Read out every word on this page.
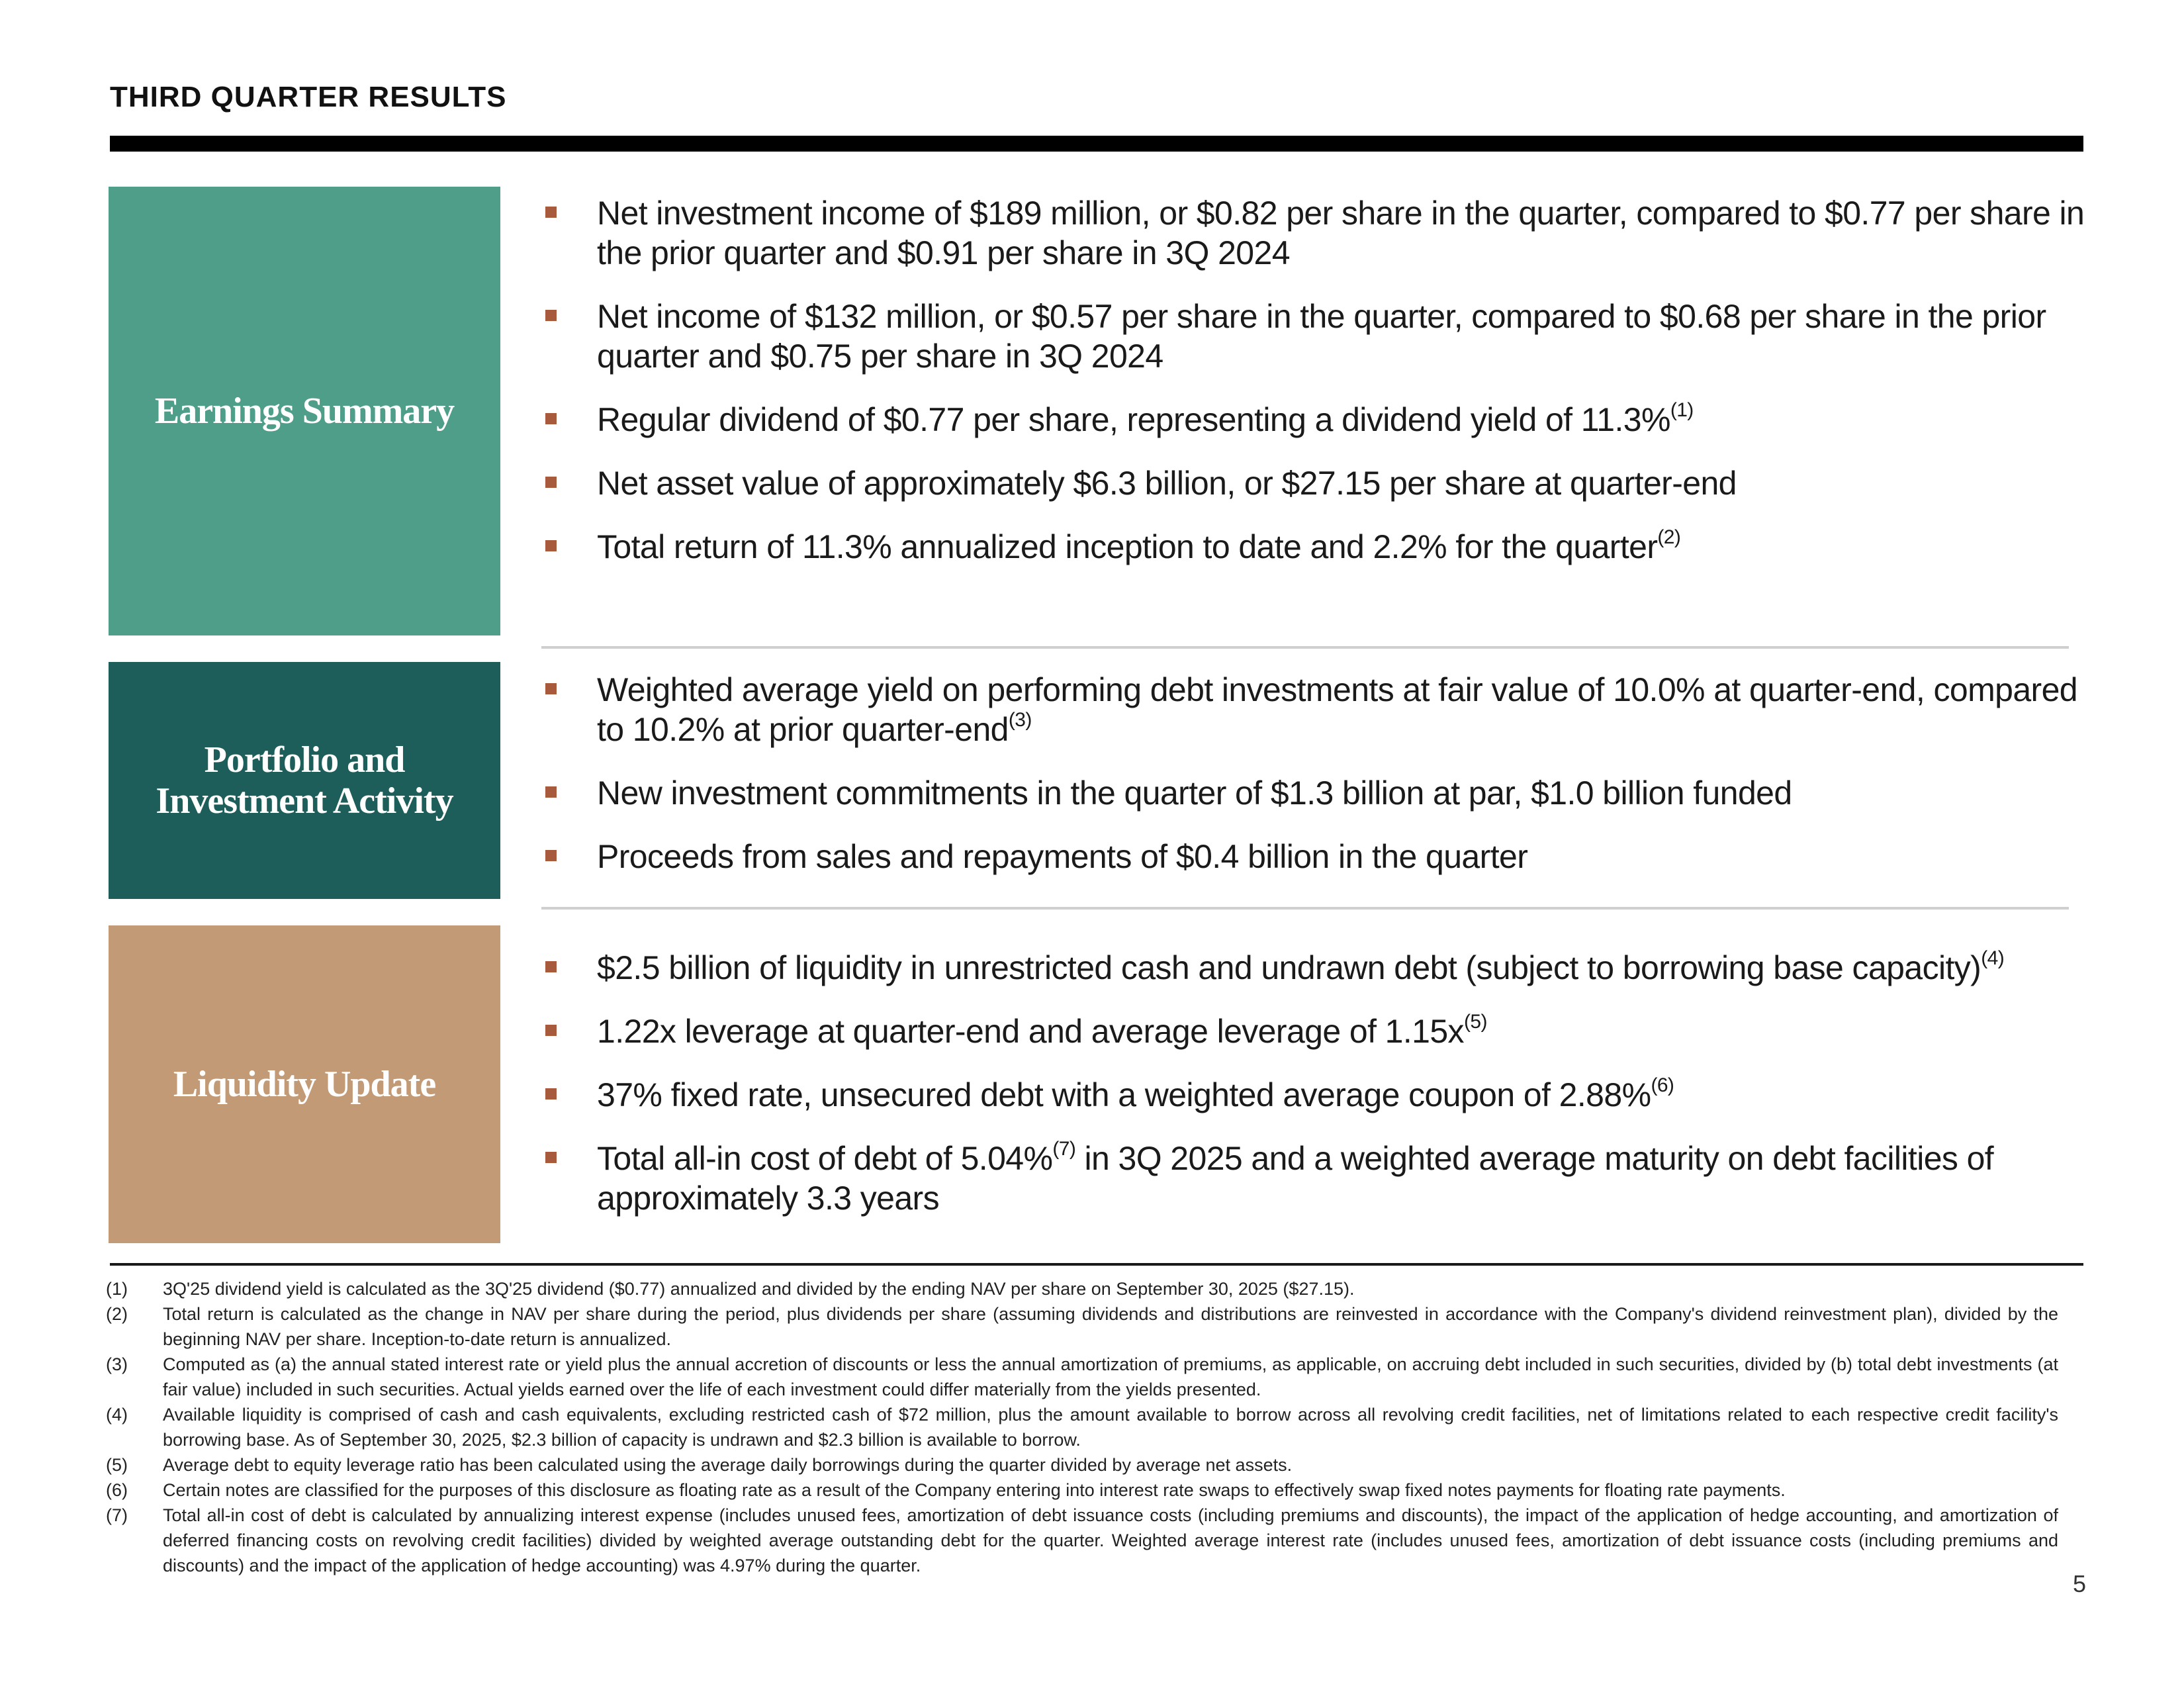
THIRD QUARTER RESULTS
Earnings Summary
Net investment income of $189 million, or $0.82 per share in the quarter, compared to $0.77 per share in the prior quarter and $0.91 per share in 3Q 2024
Net income of $132 million, or $0.57 per share in the quarter, compared to $0.68 per share in the prior quarter and $0.75 per share in 3Q 2024
Regular dividend of $0.77 per share, representing a dividend yield of 11.3%$^{(1)}$
Net asset value of approximately $6.3 billion, or $27.15 per share at quarter-end
Total return of 11.3% annualized inception to date and 2.2% for the quarter$^{(2)}$
Portfolio and
Investment Activity
Weighted average yield on performing debt investments at fair value of 10.0% at quarter-end, compared to 10.2% at prior quarter-end$^{(3)}$
New investment commitments in the quarter of $1.3 billion at par, $1.0 billion funded
Proceeds from sales and repayments of $0.4 billion in the quarter
Liquidity Update
$2.5 billion of liquidity in unrestricted cash and undrawn debt (subject to borrowing base capacity)$^{(4)}$
1.22x leverage at quarter-end and average leverage of $1.15x^{(5)}$
37% fixed rate, unsecured debt with a weighted average coupon of 2.88%$^{(6)}$
Total all-in cost of debt of 5.04%$^{(7)}$ in 3Q 2025 and a weighted average maturity on debt facilities of approximately 3.3 years
(1)	3Q'25 dividend yield is calculated as the 3Q'25 dividend ($0.77) annualized and divided by the ending NAV per share on September 30, 2025 ($27.15).
(2)	Total return is calculated as the change in NAV per share during the period, plus dividends per share (assuming dividends and distributions are reinvested in accordance with the Company's dividend reinvestment plan), divided by the beginning NAV per share. Inception-to-date return is annualized.
(3)	Computed as (a) the annual stated interest rate or yield plus the annual accretion of discounts or less the annual amortization of premiums, as applicable, on accruing debt included in such securities, divided by (b) total debt investments (at fair value) included in such securities. Actual yields earned over the life of each investment could differ materially from the yields presented.
(4)	Available liquidity is comprised of cash and cash equivalents, excluding restricted cash of $72 million, plus the amount available to borrow across all revolving credit facilities, net of limitations related to each respective credit facility's borrowing base. As of September 30, 2025, $2.3 billion of capacity is undrawn and $2.3 billion is available to borrow.
(5)	Average debt to equity leverage ratio has been calculated using the average daily borrowings during the quarter divided by average net assets.
(6)	Certain notes are classified for the purposes of this disclosure as floating rate as a result of the Company entering into interest rate swaps to effectively swap fixed notes payments for floating rate payments.
(7)	Total all-in cost of debt is calculated by annualizing interest expense (includes unused fees, amortization of debt issuance costs (including premiums and discounts), the impact of the application of hedge accounting, and amortization of deferred financing costs on revolving credit facilities) divided by weighted average outstanding debt for the quarter. Weighted average interest rate (includes unused fees, amortization of debt issuance costs (including premiums and discounts) and the impact of the application of hedge accounting) was 4.97% during the quarter.
5
